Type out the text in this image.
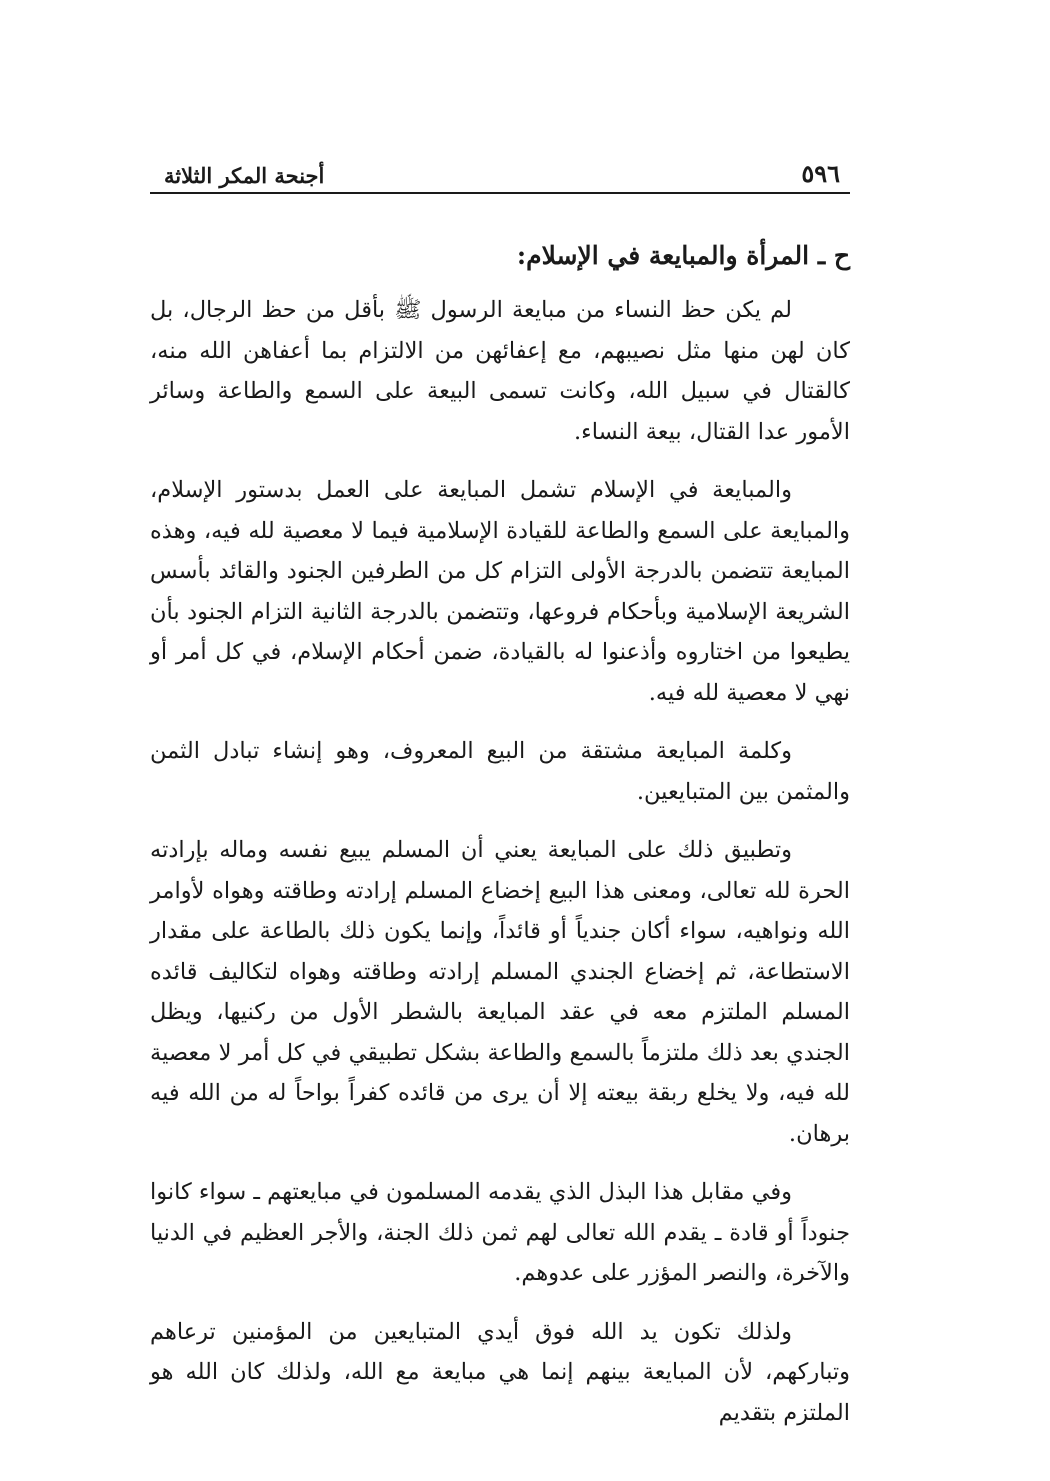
٥٩٦
أجنحة المكر الثلاثة
ح ـ المرأة والمبايعة في الإسلام:

لم يكن حظ النساء من مبايعة الرسول ﷺ بأقل من حظ الرجال، بل كان لهن منها مثل نصيبهم، مع إعفائهن من الالتزام بما أعفاهن الله منه، كالقتال في سبيل الله، وكانت تسمى البيعة على السمع والطاعة وسائر الأمور عدا القتال، بيعة النساء.

والمبايعة في الإسلام تشمل المبايعة على العمل بدستور الإسلام، والمبايعة على السمع والطاعة للقيادة الإسلامية فيما لا معصية لله فيه، وهذه المبايعة تتضمن بالدرجة الأولى التزام كل من الطرفين الجنود والقائد بأسس الشريعة الإسلامية وبأحكام فروعها، وتتضمن بالدرجة الثانية التزام الجنود بأن يطيعوا من اختاروه وأذعنوا له بالقيادة، ضمن أحكام الإسلام، في كل أمر أو نهي لا معصية لله فيه.

وكلمة المبايعة مشتقة من البيع المعروف، وهو إنشاء تبادل الثمن والمثمن بين المتبايعين.

وتطبيق ذلك على المبايعة يعني أن المسلم يبيع نفسه وماله بإرادته الحرة لله تعالى، ومعنى هذا البيع إخضاع المسلم إرادته وطاقته وهواه لأوامر الله ونواهيه، سواء أكان جندياً أو قائداً، وإنما يكون ذلك بالطاعة على مقدار الاستطاعة، ثم إخضاع الجندي المسلم إرادته وطاقته وهواه لتكاليف قائده المسلم الملتزم معه في عقد المبايعة بالشطر الأول من ركنيها، ويظل الجندي بعد ذلك ملتزماً بالسمع والطاعة بشكل تطبيقي في كل أمر لا معصية لله فيه، ولا يخلع ربقة بيعته إلا أن يرى من قائده كفراً بواحاً له من الله فيه برهان.

وفي مقابل هذا البذل الذي يقدمه المسلمون في مبايعتهم ـ سواء كانوا جنوداً أو قادة ـ يقدم الله تعالى لهم ثمن ذلك الجنة، والأجر العظيم في الدنيا والآخرة، والنصر المؤزر على عدوهم.

ولذلك تكون يد الله فوق أيدي المتبايعين من المؤمنين ترعاهم وتباركهم، لأن المبايعة بينهم إنما هي مبايعة مع الله، ولذلك كان الله هو الملتزم بتقديم
